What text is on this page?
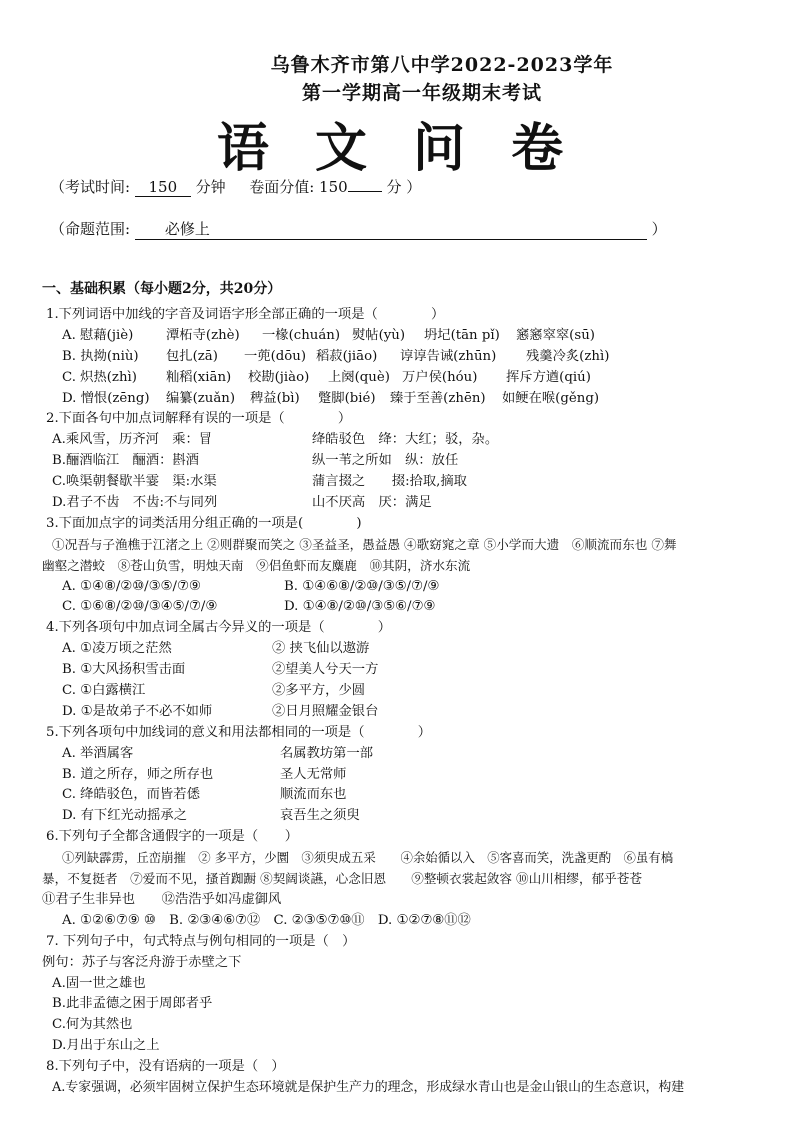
乌鲁木齐市第八中学2022-2023学年
第一学期高一年级期末考试
语 文 问 卷
（考试时间: 150 分钟 卷面分值: 150	分 ）
（命题范围: 必修上	）
一、基础积累（每小题2分，共20分）
1.下列词语中加线的字音及词语字形全部正确的一项是（　　　　）
A. 慰藉(jiè) 潭柘寺(zhè) 一椽(chuán) 熨帖(yù) 坍圮(tān pǐ) 窸窸窣窣(sū)
B. 执拗(niù) 包扎(zā) 一蔸(dōu) 稻菽(jiāo) 谆谆告诫(zhūn) 残羹冷炙(zhì)
C. 炽热(zhì) 籼稻(xiān) 校勘(jiào) 上阕(què) 万户侯(hóu) 挥斥方遒(qiú)
D. 憎恨(zēng) 编纂(zuǎn) 稗益(bì) 蹩脚(bié) 臻于至善(zhēn) 如鲠在喉(gěng)
2.下面各句中加点词解释有误的一项是（　　　　）
A.乘风雪，历齐河　乘：冒	绛皓驳色　绛：大红；驳，杂。
B.酾酒临江　酾酒：斟酒	纵一苇之所如　纵：放任
C.唤渠朝餐歇半霎　渠:水渠	蒲言掇之　　掇:拾取,摘取
D.君子不齿　不齿:不与同列	山不厌高　厌：满足
3.下面加点字的词类活用分组正确的一项是(　　　　)
①况吾与子渔樵于江渚之上 ②则群聚而笑之 ③圣益圣，愚益愚 ④歌窈窕之章 ⑤小学而大遗　⑥顺流而东也 ⑦舞
幽壑之潜蛟　⑧苍山负雪，明烛天南　⑨侣鱼虾而友麋鹿　⑩其阴，济水东流
A. ①④⑧/②⑩/③⑤/⑦⑨	B. ①④⑥⑧/②⑩/③⑤/⑦/⑨
C. ①⑥⑧/②⑩/③④⑤/⑦/⑨	D. ①④⑧/②⑩/③⑤⑥/⑦⑨
4.下列各项句中加点词全属古今异义的一项是（　　　　）
A. ①凌万顷之茫然	② 挟飞仙以遨游
B. ①大风扬积雪击面	②望美人兮天一方
C. ①白露横江	②多平方，少圆
D. ①是故弟子不必不如师	②日月照耀金银台
5.下列各项句中加线词的意义和用法都相同的一项是（　　　　）
A. 举酒属客	名属教坊第一部
B. 道之所存，师之所存也	圣人无常师
C. 绛皓驳色，而皆若僁	顺流而东也
D. 有下红光动摇承之	哀吾生之须臾
6.下列句子全都含通假字的一项是（　　）
①列缺霹雳，丘峦崩摧　② 多平方，少圜　③须臾成五采　　④余始循以入　⑤客喜而笑，洗盏更酌　⑥虽有槁
暴，不复挺者　⑦爱而不见，搔首踟蹰 ⑧契阔谈讌，心念旧恩　　⑨整顿衣裳起敛容 ⑩山川相缪，郁乎苍苍
⑪君子生非异也　　⑫浩浩乎如冯虚御风
A. ①②⑥⑦⑨ ⑩　B. ②③④⑥⑦⑫　C. ②③⑤⑦⑩⑪　D. ①②⑦⑧⑪⑫
7. 下列句子中，句式特点与例句相同的一项是（　）
例句：苏子与客泛舟游于赤壁之下
A.固一世之雄也
B.此非孟德之困于周郎者乎
C.何为其然也
D.月出于东山之上
8.下列句子中，没有语病的一项是（　）
A.专家强调，必须牢固树立保护生态环境就是保护生产力的理念，形成绿水青山也是金山银山的生态意识，构建
